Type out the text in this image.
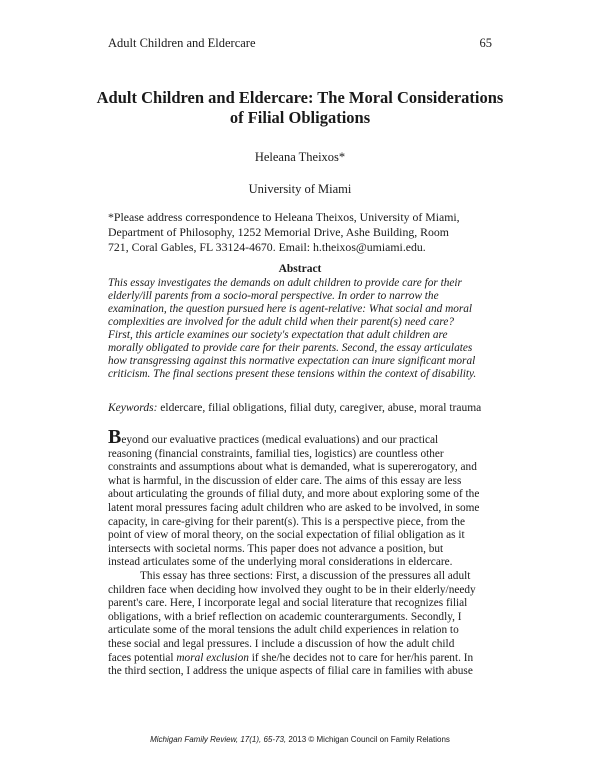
Adult Children and Eldercare	65
Adult Children and Eldercare: The Moral Considerations
of Filial Obligations
Heleana Theixos*
University of Miami
*Please address correspondence to Heleana Theixos, University of Miami,
Department of Philosophy, 1252 Memorial Drive, Ashe Building, Room
721, Coral Gables, FL 33124-4670. Email: h.theixos@umiami.edu.
Abstract
This essay investigates the demands on adult children to provide care for their
elderly/ill parents from a socio-moral perspective. In order to narrow the
examination, the question pursued here is agent-relative: What social and moral
complexities are involved for the adult child when their parent(s) need care?
First, this article examines our society's expectation that adult children are
morally obligated to provide care for their parents. Second, the essay articulates
how transgressing against this normative expectation can inure significant moral
criticism. The final sections present these tensions within the context of disability.
Keywords: eldercare, filial obligations, filial duty, caregiver, abuse, moral trauma
Beyond our evaluative practices (medical evaluations) and our practical
reasoning (financial constraints, familial ties, logistics) are countless other
constraints and assumptions about what is demanded, what is supererogatory, and
what is harmful, in the discussion of elder care. The aims of this essay are less
about articulating the grounds of filial duty, and more about exploring some of the
latent moral pressures facing adult children who are asked to be involved, in some
capacity, in care-giving for their parent(s). This is a perspective piece, from the
point of view of moral theory, on the social expectation of filial obligation as it
intersects with societal norms. This paper does not advance a position, but
instead articulates some of the underlying moral considerations in eldercare.
This essay has three sections: First, a discussion of the pressures all adult
children face when deciding how involved they ought to be in their elderly/needy
parent's care. Here, I incorporate legal and social literature that recognizes filial
obligations, with a brief reflection on academic counterarguments. Secondly, I
articulate some of the moral tensions the adult child experiences in relation to
these social and legal pressures. I include a discussion of how the adult child
faces potential moral exclusion if she/he decides not to care for her/his parent. In
the third section, I address the unique aspects of filial care in families with abuse
Michigan Family Review, 17(1), 65-73, 2013 © Michigan Council on Family Relations
